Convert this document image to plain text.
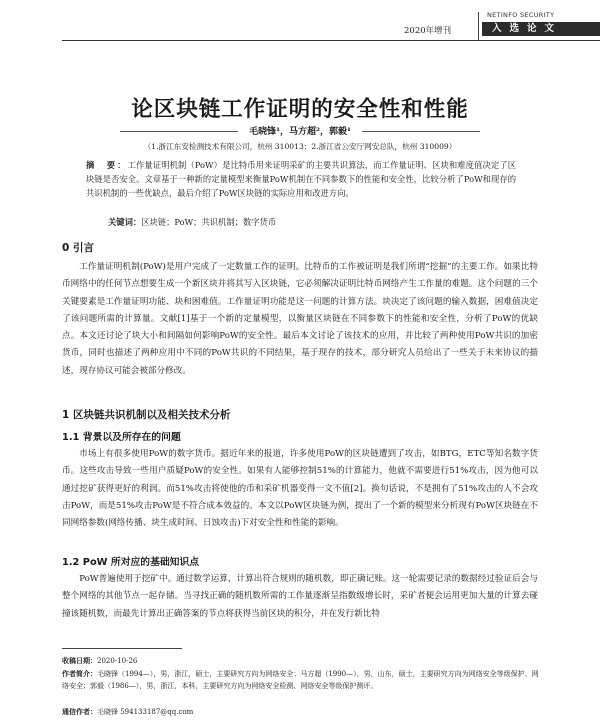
2020年增刊
NETINFO SECURITY
入选论文
论区块链工作证明的安全性和性能
毛晓锋¹，马方超²，郭毅¹
（1.浙江东安检测技术有限公司，杭州 310013；2.浙江省公安厅网安总队，杭州 310009）
摘　要：工作量证明机制（PoW）是比特币用来证明采矿的主要共识算法，而工作量证明、区块和难度值决定了区块链是否安全。文章基于一种新的定量模型来衡量PoW机制在不同参数下的性能和安全性，比较分析了PoW和现存的共识机制的一些优缺点，最后介绍了PoW区块链的实际应用和改进方向。
关键词：区块链；PoW；共识机制；数字货币
0 引言
工作量证明机制(PoW)是用户完成了一定数量工作的证明。比特币的工作被证明是我们所谓“挖掘”的主要工作。如果比特币网络中的任何节点想要生成一个新区块并将其写入区块链，它必须解决证明比特币网络产生工作量的难题。这个问题的三个关键要素是工作量证明功能、块和困难值。工作量证明功能是这一问题的计算方法。块决定了该问题的输入数据，困难值决定了该问题所需的计算量。文献[1]基于一个新的定量模型，以衡量区块链在不同参数下的性能和安全性，分析了PoW的优缺点。本文还讨论了块大小和间隔如何影响PoW的安全性。最后本文讨论了该技术的应用，并比较了两种使用PoW共识的加密货币，同时也描述了两种应用中不同的PoW共识的不同结果，基于现存的技术，部分研究人员给出了一些关于未来协议的描述，现存协议可能会被部分修改。
1 区块链共识机制以及相关技术分析
1.1 背景以及所存在的问题
市场上有很多使用PoW的数字货币。据近年来的报道，许多使用PoW的区块链遭到了攻击，如BTG，ETC等知名数字货币。这些攻击导致一些用户质疑PoW的安全性。如果有人能够控制51%的计算能力，他就不需要进行51%攻击，因为他可以通过挖矿获得更好的利润。而51%攻击将使他的币和采矿机器变得一文不值[2]。换句话说，不是拥有了51%攻击的人不会攻击PoW，而是51%攻击PoW是不符合成本效益的。本文以PoW区块链为例，提出了一个新的模型来分析现有PoW区块链在不同网络参数(网络传播、块生成时间、日蚀攻击)下对安全性和性能的影响。
1.2 PoW 所对应的基础知识点
PoW普遍使用于挖矿中。通过数学运算，计算出符合规则的随机数，即正确记账。这一轮需要记录的数据经过验证后会与整个网络的其他节点一起存储。当寻找正确的随机数所需的工作量逐渐呈指数级增长时，采矿者便会运用更加大量的计算去碰撞该随机数，而最先计算出正确答案的节点将获得当前区块的积分，并在发行新比特
收稿日期：2020-10-26
作者简介：毛晓锋（1994—），男，浙江，硕士，主要研究方向为网络安全；马方超（1990—），男，山东，硕士，主要研究方向为网络安全等级保护、网络安全；郭毅（1986—），男，浙江，本科，主要研究方向为网络安全检测、网络安全等级保护测评。
通信作者：毛晓锋 594133187@qq.com
